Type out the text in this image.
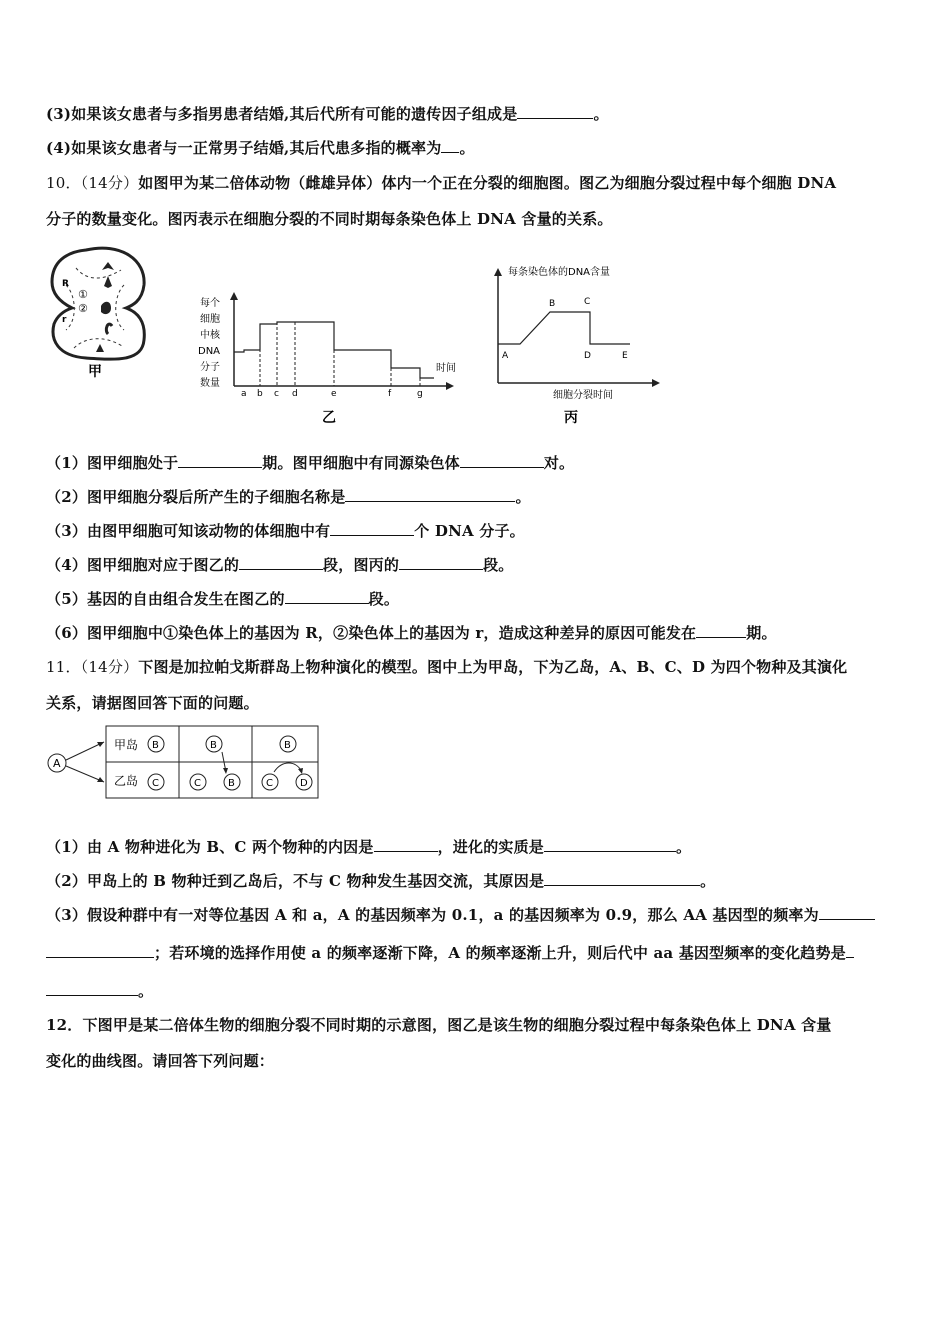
(3)如果该女患者与多指男患者结婚,其后代所有可能的遗传因子组成是	。
(4)如果该女患者与一正常男子结婚,其后代患多指的概率为 。
10．（14分）如图甲为某二倍体动物（雌雄异体）体内一个正在分裂的细胞图。图乙为细胞分裂过程中每个细胞 DNA
分子的数量变化。图丙表示在细胞分裂的不同时期每条染色体上 DNA 含量的关系。
R
①
②
r
甲
每个
细胞
中核
DNA
分子
数量
a b c d	e	f	g
时间
乙
每条染色体的DNA含量
A
B	C
D	E
细胞分裂时间
丙
（1）图甲细胞处于	期。图甲细胞中有同源染色体	对。
（2）图甲细胞分裂后所产生的子细胞名称是	。
（3）由图甲细胞可知该动物的体细胞中有	个 DNA 分子。
（4）图甲细胞对应于图乙的	段，图丙的	段。
（5）基因的自由组合发生在图乙的	段。
（6）图甲细胞中①染色体上的基因为 R，②染色体上的基因为 r，造成这种差异的原因可能发在	期。
11．（14分）下图是加拉帕戈斯群岛上物种演化的模型。图中上为甲岛，下为乙岛，A、B、C、D 为四个物种及其演化
关系，请据图回答下面的问题。
A
甲岛
乙岛
B	B	B
C	C	B	C	D
（1）由 A 物种进化为 B、C 两个物种的内因是	，进化的实质是	。
（2）甲岛上的 B 物种迁到乙岛后，不与 C 物种发生基因交流，其原因是	。
（3）假设种群中有一对等位基因 A 和 a，A 的基因频率为 0.1，a 的基因频率为 0.9，那么 AA 基因型的频率为
；若环境的选择作用使 a 的频率逐渐下降，A 的频率逐渐上升，则后代中 aa 基因型频率的变化趋势是
。
12．下图甲是某二倍体生物的细胞分裂不同时期的示意图，图乙是该生物的细胞分裂过程中每条染色体上 DNA 含量
变化的曲线图。请回答下列问题：
